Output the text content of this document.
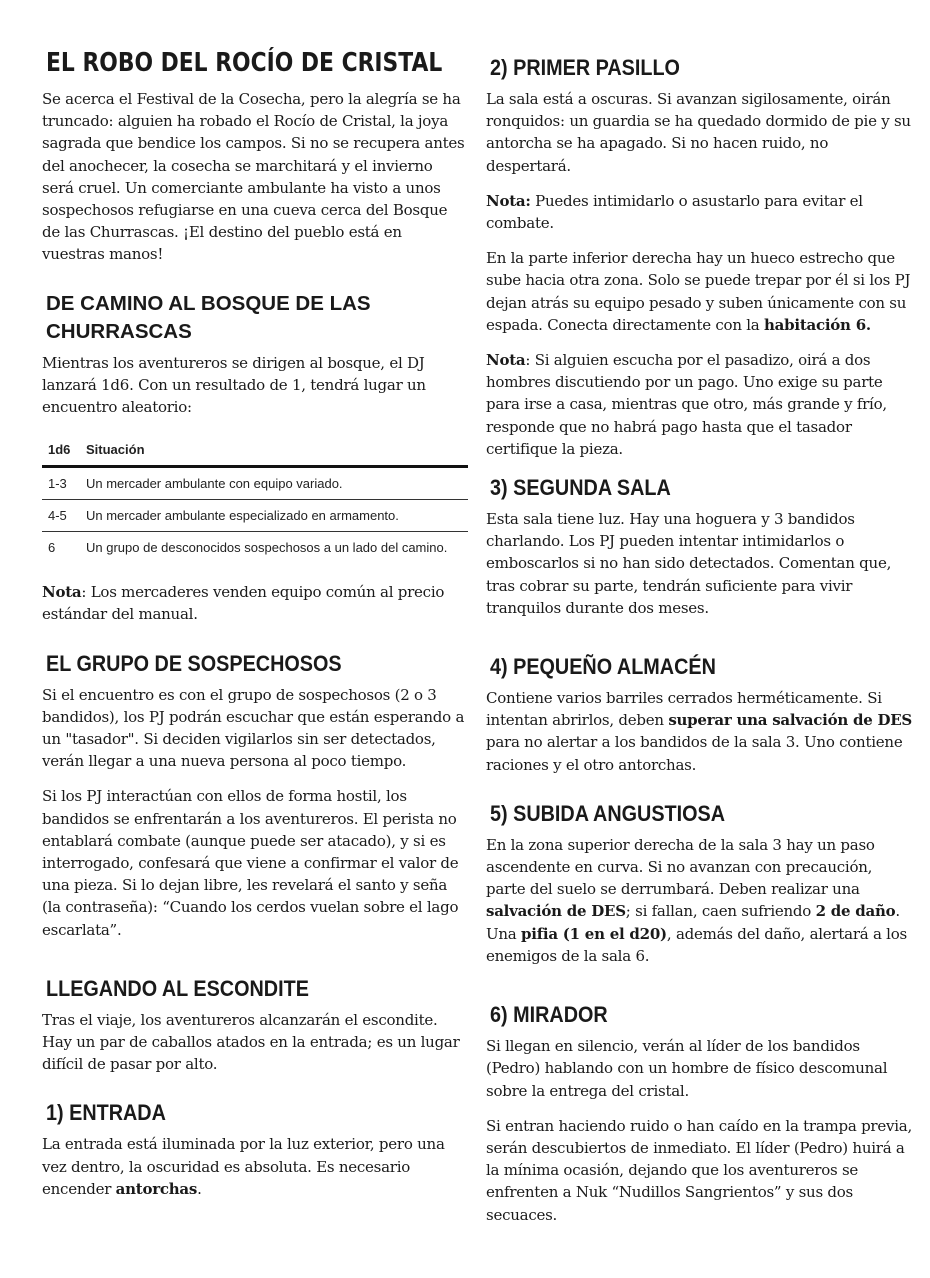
EL ROBO DEL ROCÍO DE CRISTAL

Se acerca el Festival de la Cosecha, pero la alegría se ha truncado: alguien ha robado el Rocío de Cristal, la joya sagrada que bendice los campos. Si no se recupera antes del anochecer, la cosecha se marchitará y el invierno será cruel. Un comerciante ambulante ha visto a unos sospechosos refugiarse en una cueva cerca del Bosque de las Churrascas. ¡El destino del pueblo está en vuestras manos!

DE CAMINO AL BOSQUE DE LAS CHURRASCAS

Mientras los aventureros se dirigen al bosque, el DJ lanzará 1d6. Con un resultado de 1, tendrá lugar un encuentro aleatorio:

1d6	Situación
1-3	Un mercader ambulante con equipo variado.
4-5	Un mercader ambulante especializado en armamento.
6	Un grupo de desconocidos sospechosos a un lado del camino.

Nota: Los mercaderes venden equipo común al precio estándar del manual.

EL GRUPO DE SOSPECHOSOS

Si el encuentro es con el grupo de sospechosos (2 o 3 bandidos), los PJ podrán escuchar que están esperando a un "tasador". Si deciden vigilarlos sin ser detectados, verán llegar a una nueva persona al poco tiempo.

Si los PJ interactúan con ellos de forma hostil, los bandidos se enfrentarán a los aventureros. El perista no entablará combate (aunque puede ser atacado), y si es interrogado, confesará que viene a confirmar el valor de una pieza. Si lo dejan libre, les revelará el santo y seña (la contraseña): “Cuando los cerdos vuelan sobre el lago escarlata”.

LLEGANDO AL ESCONDITE

Tras el viaje, los aventureros alcanzarán el escondite. Hay un par de caballos atados en la entrada; es un lugar difícil de pasar por alto.

1) ENTRADA

La entrada está iluminada por la luz exterior, pero una vez dentro, la oscuridad es absoluta. Es necesario encender antorchas.

2) PRIMER PASILLO

La sala está a oscuras. Si avanzan sigilosamente, oirán ronquidos: un guardia se ha quedado dormido de pie y su antorcha se ha apagado. Si no hacen ruido, no despertará.

Nota: Puedes intimidarlo o asustarlo para evitar el combate.

En la parte inferior derecha hay un hueco estrecho que sube hacia otra zona. Solo se puede trepar por él si los PJ dejan atrás su equipo pesado y suben únicamente con su espada. Conecta directamente con la habitación 6.

Nota: Si alguien escucha por el pasadizo, oirá a dos hombres discutiendo por un pago. Uno exige su parte para irse a casa, mientras que otro, más grande y frío, responde que no habrá pago hasta que el tasador certifique la pieza.

3) SEGUNDA SALA

Esta sala tiene luz. Hay una hoguera y 3 bandidos charlando. Los PJ pueden intentar intimidarlos o emboscarlos si no han sido detectados. Comentan que, tras cobrar su parte, tendrán suficiente para vivir tranquilos durante dos meses.

4) PEQUEÑO ALMACÉN

Contiene varios barriles cerrados herméticamente. Si intentan abrirlos, deben superar una salvación de DES para no alertar a los bandidos de la sala 3. Uno contiene raciones y el otro antorchas.

5) SUBIDA ANGUSTIOSA

En la zona superior derecha de la sala 3 hay un paso ascendente en curva. Si no avanzan con precaución, parte del suelo se derrumbará. Deben realizar una salvación de DES; si fallan, caen sufriendo 2 de daño. Una pifia (1 en el d20), además del daño, alertará a los enemigos de la sala 6.

6) MIRADOR

Si llegan en silencio, verán al líder de los bandidos (Pedro) hablando con un hombre de físico descomunal sobre la entrega del cristal.

Si entran haciendo ruido o han caído en la trampa previa, serán descubiertos de inmediato. El líder (Pedro) huirá a la mínima ocasión, dejando que los aventureros se enfrenten a Nuk “Nudillos Sangrientos” y sus dos secuaces.
